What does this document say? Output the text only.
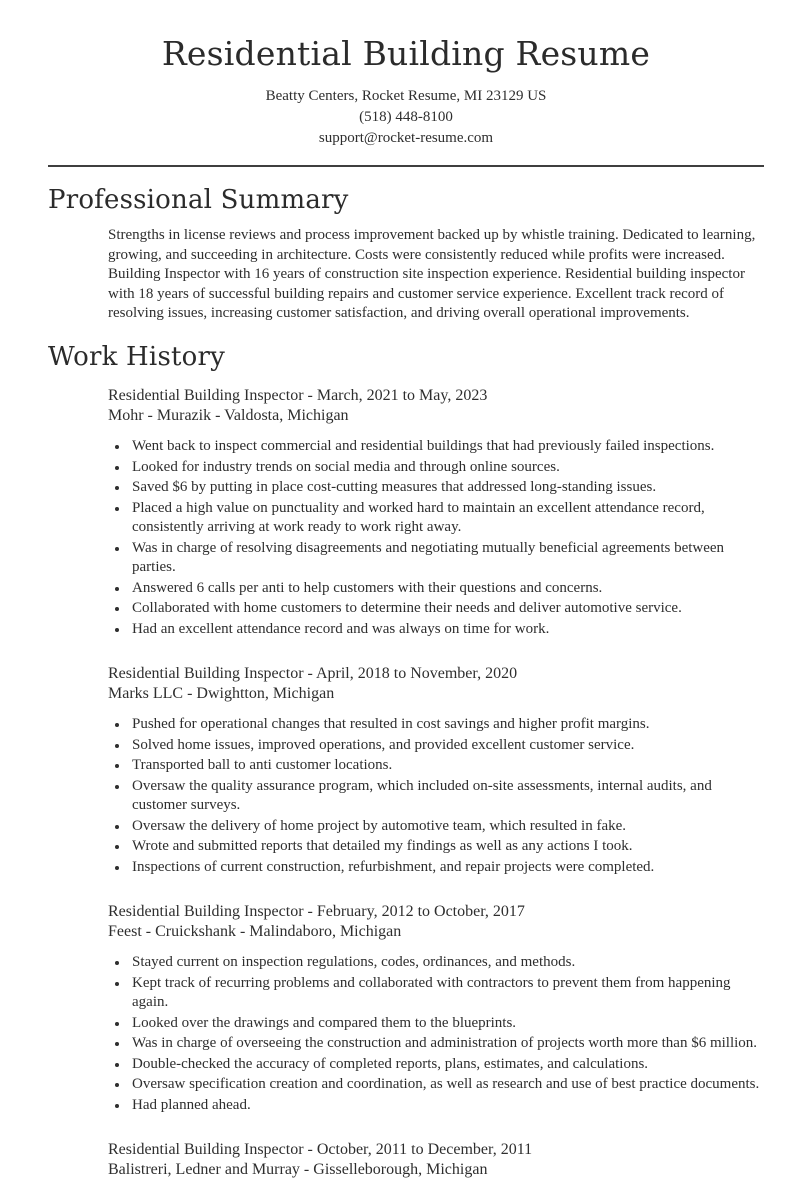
Residential Building Resume
Beatty Centers, Rocket Resume, MI 23129 US
(518) 448-8100
support@rocket-resume.com
Professional Summary

Strengths in license reviews and process improvement backed up by whistle training. Dedicated to learning, growing, and succeeding in architecture. Costs were consistently reduced while profits were increased. Building Inspector with 16 years of construction site inspection experience. Residential building inspector with 18 years of successful building repairs and customer service experience. Excellent track record of resolving issues, increasing customer satisfaction, and driving overall operational improvements.

Work History
Residential Building Inspector - March, 2021 to May, 2023
Mohr - Murazik - Valdosta, Michigan
• Went back to inspect commercial and residential buildings that had previously failed inspections.
• Looked for industry trends on social media and through online sources.
• Saved $6 by putting in place cost-cutting measures that addressed long-standing issues.
• Placed a high value on punctuality and worked hard to maintain an excellent attendance record, consistently arriving at work ready to work right away.
• Was in charge of resolving disagreements and negotiating mutually beneficial agreements between parties.
• Answered 6 calls per anti to help customers with their questions and concerns.
• Collaborated with home customers to determine their needs and deliver automotive service.
• Had an excellent attendance record and was always on time for work.
Residential Building Inspector - April, 2018 to November, 2020
Marks LLC - Dwightton, Michigan
• Pushed for operational changes that resulted in cost savings and higher profit margins.
• Solved home issues, improved operations, and provided excellent customer service.
• Transported ball to anti customer locations.
• Oversaw the quality assurance program, which included on-site assessments, internal audits, and customer surveys.
• Oversaw the delivery of home project by automotive team, which resulted in fake.
• Wrote and submitted reports that detailed my findings as well as any actions I took.
• Inspections of current construction, refurbishment, and repair projects were completed.
Residential Building Inspector - February, 2012 to October, 2017
Feest - Cruickshank - Malindaboro, Michigan
• Stayed current on inspection regulations, codes, ordinances, and methods.
• Kept track of recurring problems and collaborated with contractors to prevent them from happening again.
• Looked over the drawings and compared them to the blueprints.
• Was in charge of overseeing the construction and administration of projects worth more than $6 million.
• Double-checked the accuracy of completed reports, plans, estimates, and calculations.
• Oversaw specification creation and coordination, as well as research and use of best practice documents.
• Had planned ahead.
Residential Building Inspector - October, 2011 to December, 2011
Balistreri, Ledner and Murray - Gisselleborough, Michigan
